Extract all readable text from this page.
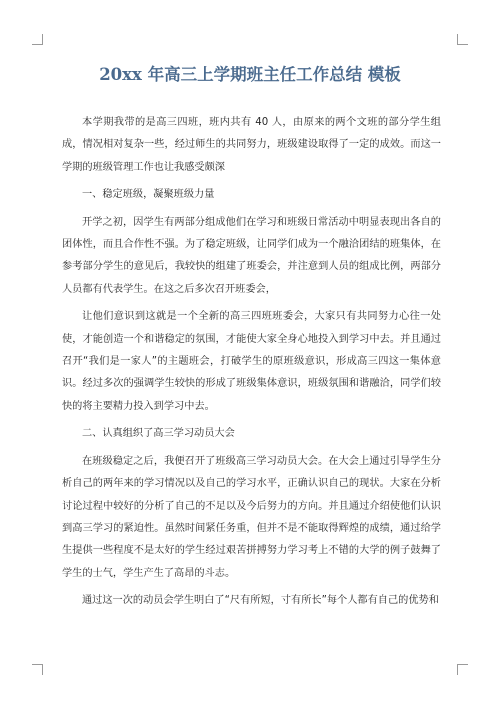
20xx 年高三上学期班主任工作总结 模板

本学期我带的是高三四班，班内共有 40 人，由原来的两个文班的部分学生组成，情况相对复杂一些，经过师生的共同努力，班级建设取得了一定的成效。而这一学期的班级管理工作也让我感受颇深

一、稳定班级，凝聚班级力量

开学之初，因学生有两部分组成他们在学习和班级日常活动中明显表现出各自的团体性，而且合作性不强。为了稳定班级，让同学们成为一个融洽团结的班集体，在参考部分学生的意见后，我较快的组建了班委会，并注意到人员的组成比例，两部分人员都有代表学生。在这之后多次召开班委会，

让他们意识到这就是一个全新的高三四班班委会，大家只有共同努力心往一处使，才能创造一个和谐稳定的氛围，才能使大家全身心地投入到学习中去。并且通过召开“我们是一家人”的主题班会，打破学生的原班级意识，形成高三四这一集体意识。经过多次的强调学生较快的形成了班级集体意识，班级氛围和谐融洽，同学们较快的将主要精力投入到学习中去。

二、认真组织了高三学习动员大会

在班级稳定之后，我便召开了班级高三学习动员大会。在大会上通过引导学生分析自己的两年来的学习情况以及自己的学习水平，正确认识自己的现状。大家在分析讨论过程中较好的分析了自己的不足以及今后努力的方向。并且通过介绍使他们认识到高三学习的紧迫性。虽然时间紧任务重，但并不是不能取得辉煌的成绩，通过给学生提供一些程度不是太好的学生经过艰苦拼搏努力学习考上不错的大学的例子鼓舞了学生的士气，学生产生了高昂的斗志。

通过这一次的动员会学生明白了“尺有所短，寸有所长”每个人都有自己的优势和
